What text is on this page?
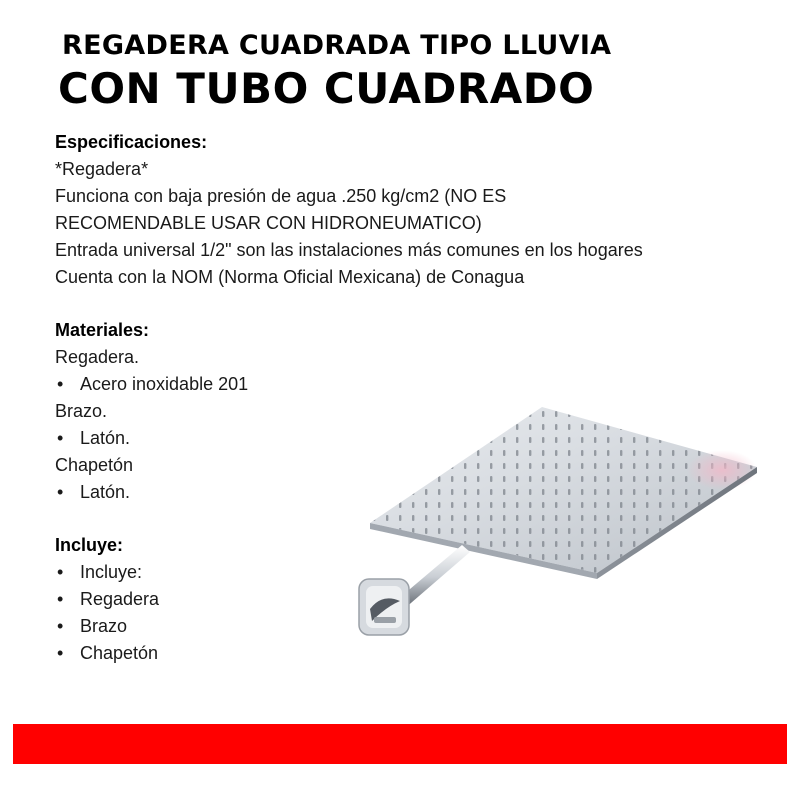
REGADERA CUADRADA TIPO LLUVIA
CON TUBO CUADRADO
Especificaciones:
*Regadera*
Funciona con baja presión de agua .250 kg/cm2 (NO ES
RECOMENDABLE USAR CON HIDRONEUMATICO)
Entrada universal 1/2" son las instalaciones más comunes en los hogares
Cuenta con la NOM (Norma Oficial Mexicana) de Conagua
Materiales:
Regadera.
• Acero inoxidable 201
Brazo.
• Latón.
Chapetón
• Latón.
Incluye:
• Incluye:
• Regadera
• Brazo
• Chapetón
